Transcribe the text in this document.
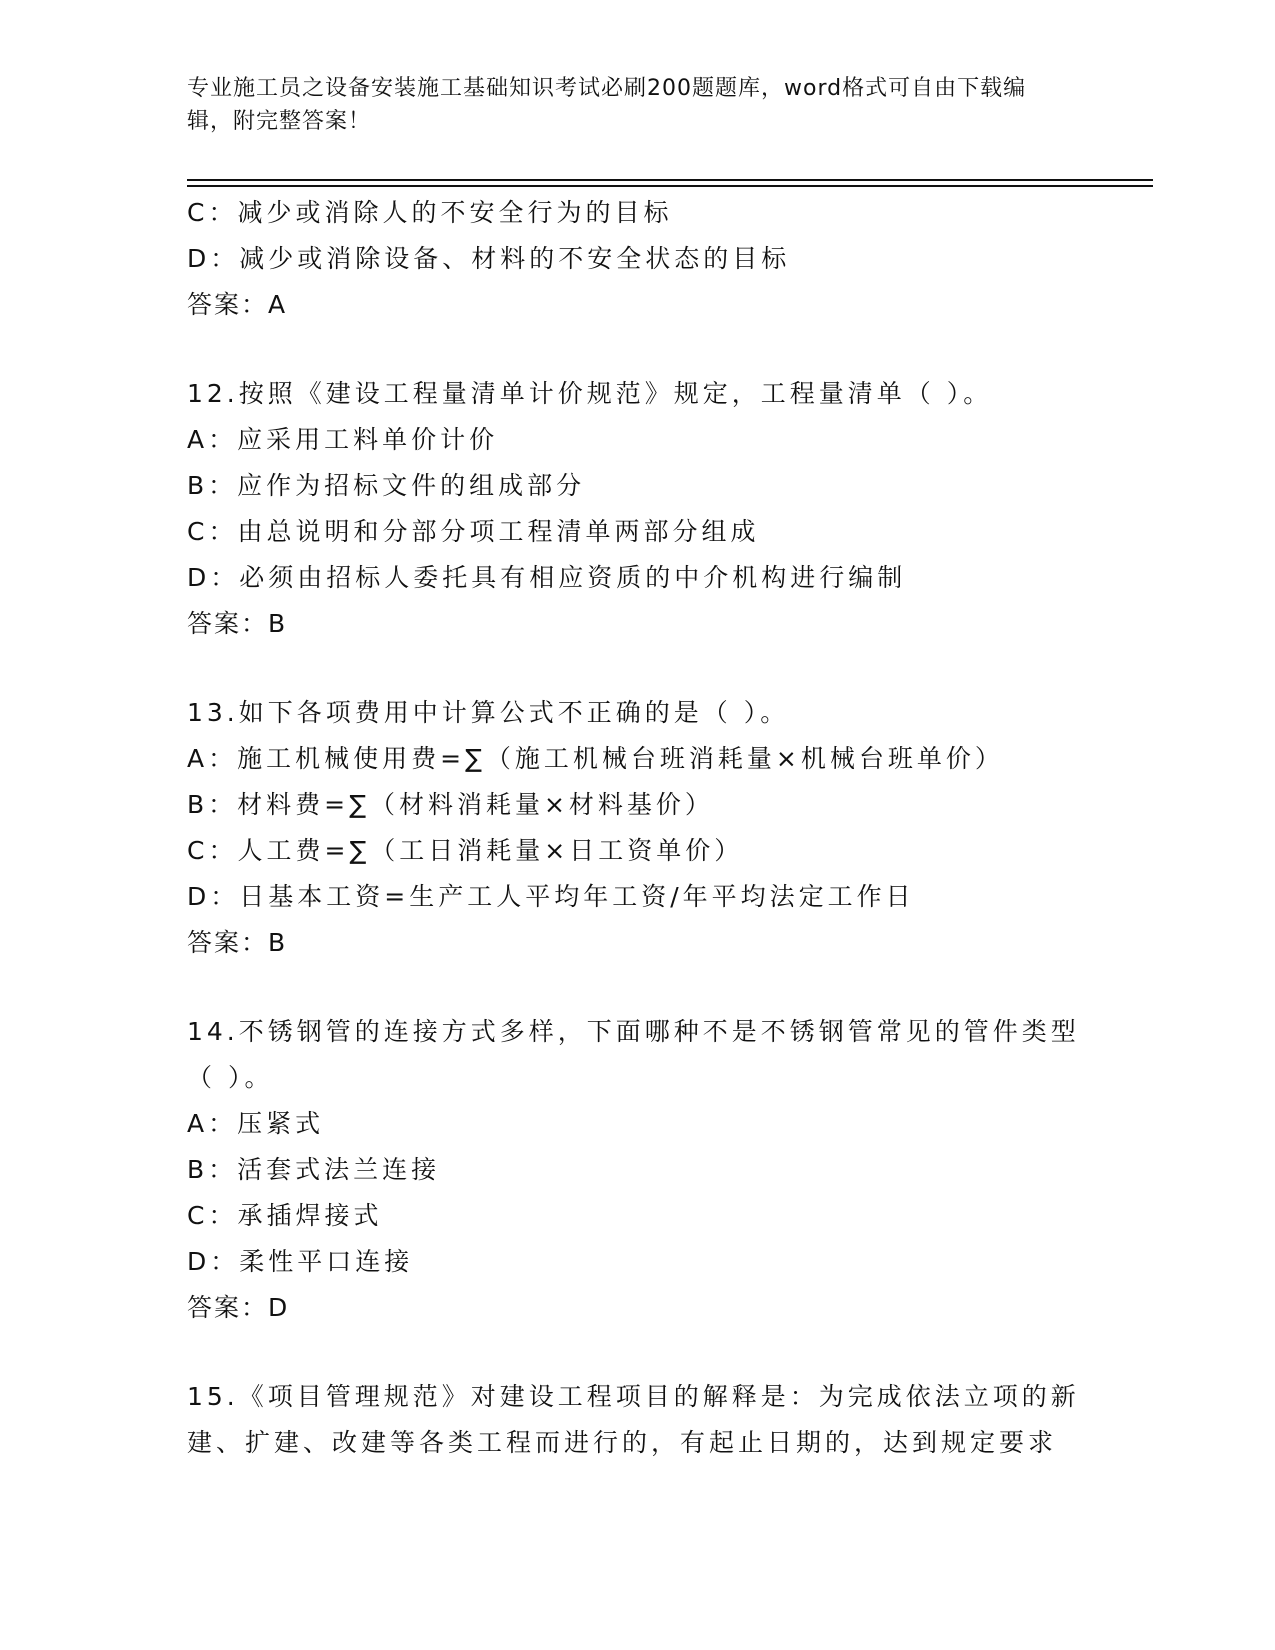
专业施工员之设备安装施工基础知识考试必刷200题题库，word格式可自由下载编辑，附完整答案！
C：减少或消除人的不安全行为的目标
D：减少或消除设备、材料的不安全状态的目标
答案：A
12.按照《建设工程量清单计价规范》规定，工程量清单（ ）。
A：应采用工料单价计价
B：应作为招标文件的组成部分
C：由总说明和分部分项工程清单两部分组成
D：必须由招标人委托具有相应资质的中介机构进行编制
答案：B
13.如下各项费用中计算公式不正确的是（ ）。
A：施工机械使用费=∑（施工机械台班消耗量×机械台班单价）
B：材料费=∑（材料消耗量×材料基价）
C：人工费=∑（工日消耗量×日工资单价）
D：日基本工资=生产工人平均年工资/年平均法定工作日
答案：B
14.不锈钢管的连接方式多样，下面哪种不是不锈钢管常见的管件类型
（ ）。
A：压紧式
B：活套式法兰连接
C：承插焊接式
D：柔性平口连接
答案：D
15.《项目管理规范》对建设工程项目的解释是：为完成依法立项的新
建、扩建、改建等各类工程而进行的，有起止日期的，达到规定要求
